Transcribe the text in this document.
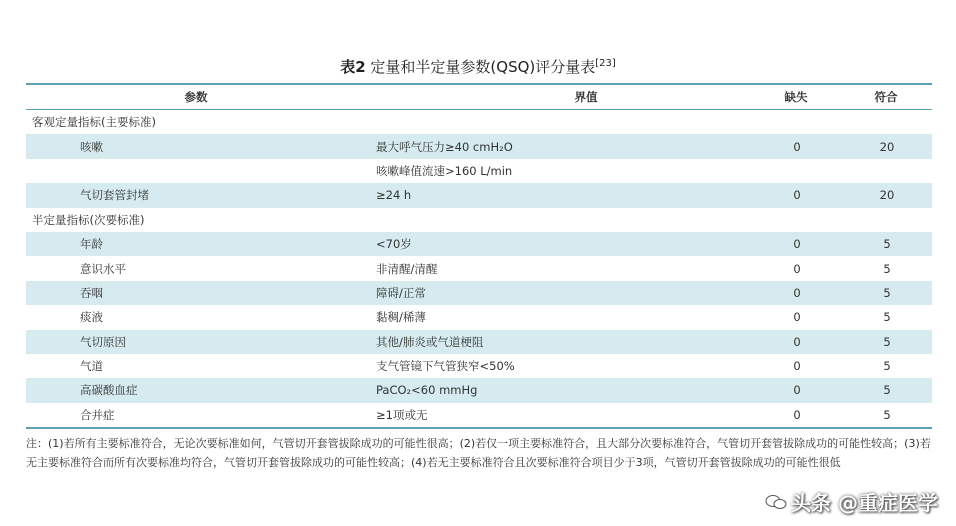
表2 定量和半定量参数(QSQ)评分量表[23]
参数	界值	缺失	符合
客观定量指标(主要标准)
咳嗽	最大呼气压力≥40 cmH₂O	0	20
咳嗽峰值流速>160 L/min
气切套管封堵	≥24 h	0	20
半定量指标(次要标准)
年龄	<70岁	0	5
意识水平	非清醒/清醒	0	5
吞咽	障碍/正常	0	5
痰液	黏稠/稀薄	0	5
气切原因	其他/肺炎或气道梗阻	0	5
气道	支气管镜下气管狭窄<50%	0	5
高碳酸血症	PaCO₂<60 mmHg	0	5
合并症	≥1项或无	0	5
注：(1)若所有主要标准符合，无论次要标准如何，气管切开套管拔除成功的可能性很高；(2)若仅一项主要标准符合，且大部分次要标准符合，气管切开套管拔除成功的可能性较高；(3)若无主要标准符合而所有次要标准均符合，气管切开套管拔除成功的可能性较高；(4)若无主要标准符合且次要标准符合项目少于3项，气管切开套管拔除成功的可能性很低
头条 @重症医学
